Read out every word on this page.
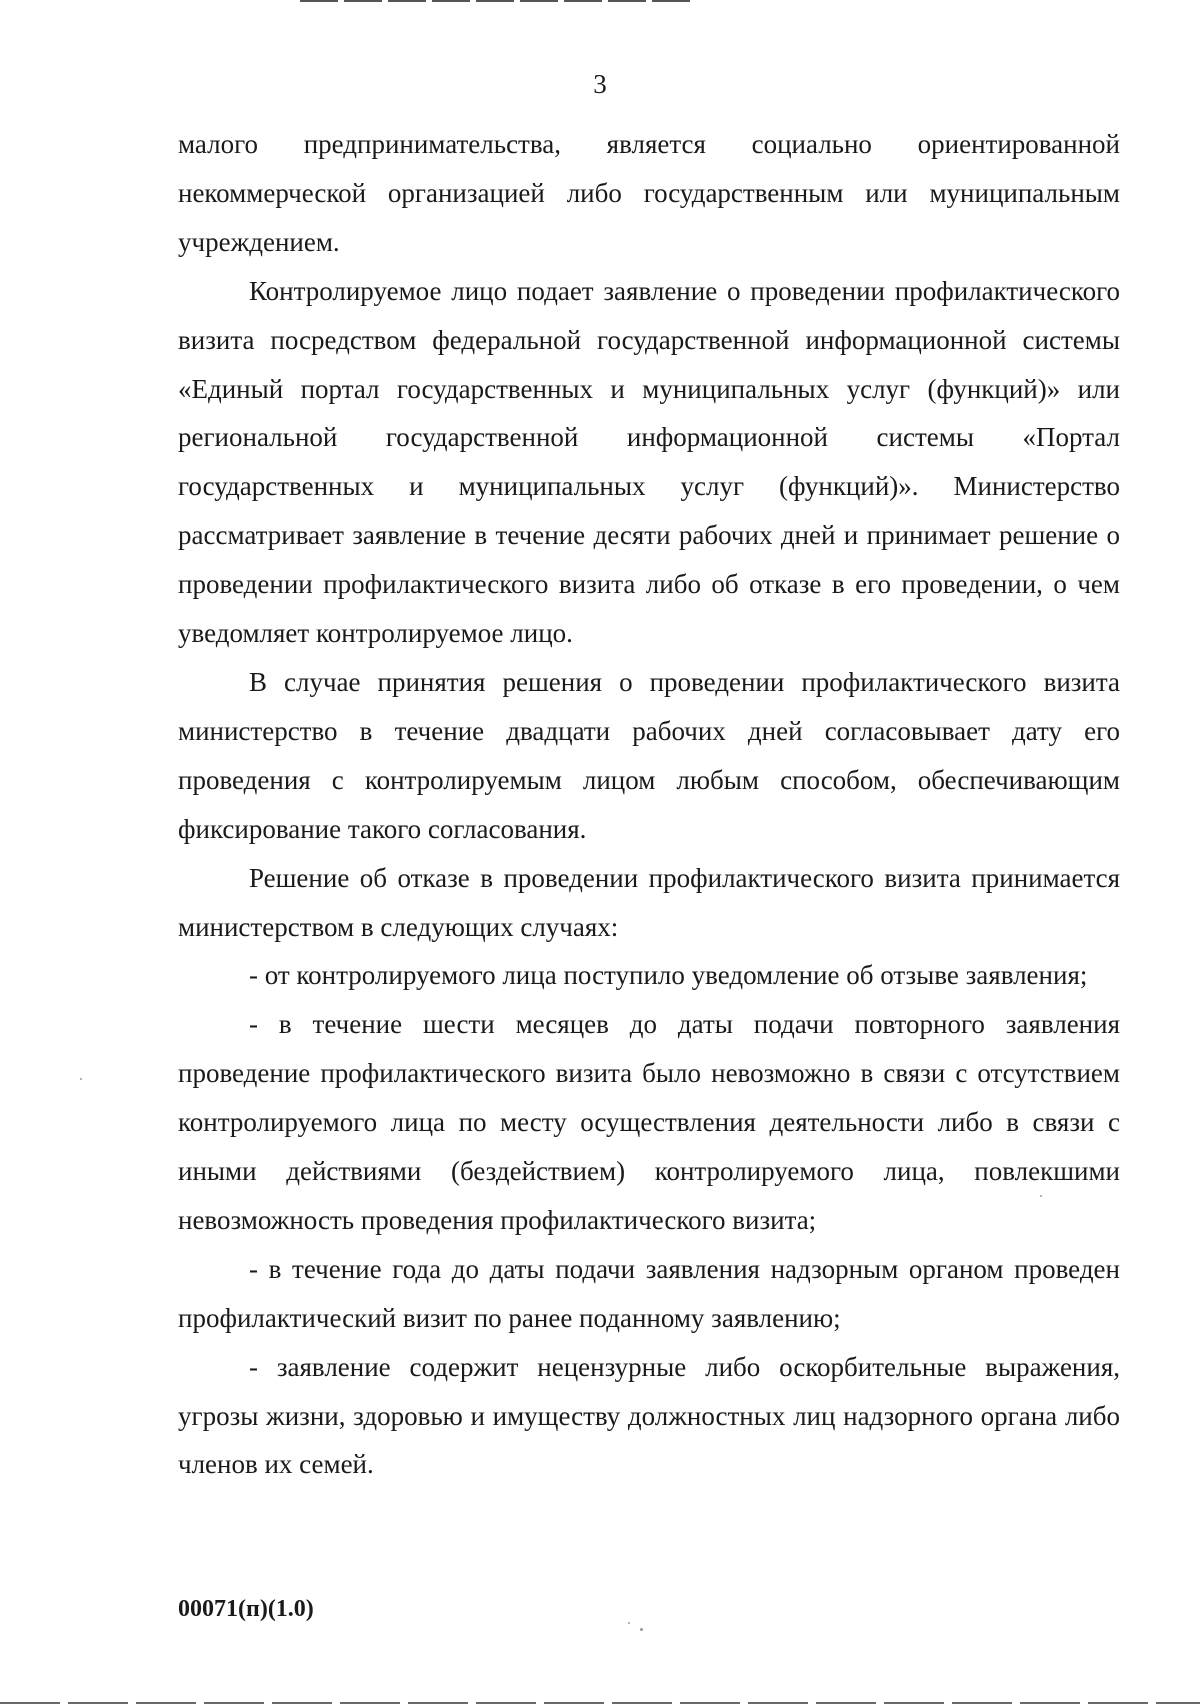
3

малого предпринимательства, является социально ориентированной некоммерческой организацией либо государственным или муниципальным учреждением.

Контролируемое лицо подает заявление о проведении профилактического визита посредством федеральной государственной информационной системы «Единый портал государственных и муниципальных услуг (функций)» или региональной государственной информационной системы «Портал государственных и муниципальных услуг (функций)». Министерство рассматривает заявление в течение десяти рабочих дней и принимает решение о проведении профилактического визита либо об отказе в его проведении, о чем уведомляет контролируемое лицо.

В случае принятия решения о проведении профилактического визита министерство в течение двадцати рабочих дней согласовывает дату его проведения с контролируемым лицом любым способом, обеспечивающим фиксирование такого согласования.

Решение об отказе в проведении профилактического визита принимается министерством в следующих случаях:

- от контролируемого лица поступило уведомление об отзыве заявления;

- в течение шести месяцев до даты подачи повторного заявления проведение профилактического визита было невозможно в связи с отсутствием контролируемого лица по месту осуществления деятельности либо в связи с иными действиями (бездействием) контролируемого лица, повлекшими невозможность проведения профилактического визита;

- в течение года до даты подачи заявления надзорным органом проведен профилактический визит по ранее поданному заявлению;

- заявление содержит нецензурные либо оскорбительные выражения, угрозы жизни, здоровью и имуществу должностных лиц надзорного органа либо членов их семей.

00071(п)(1.0)
